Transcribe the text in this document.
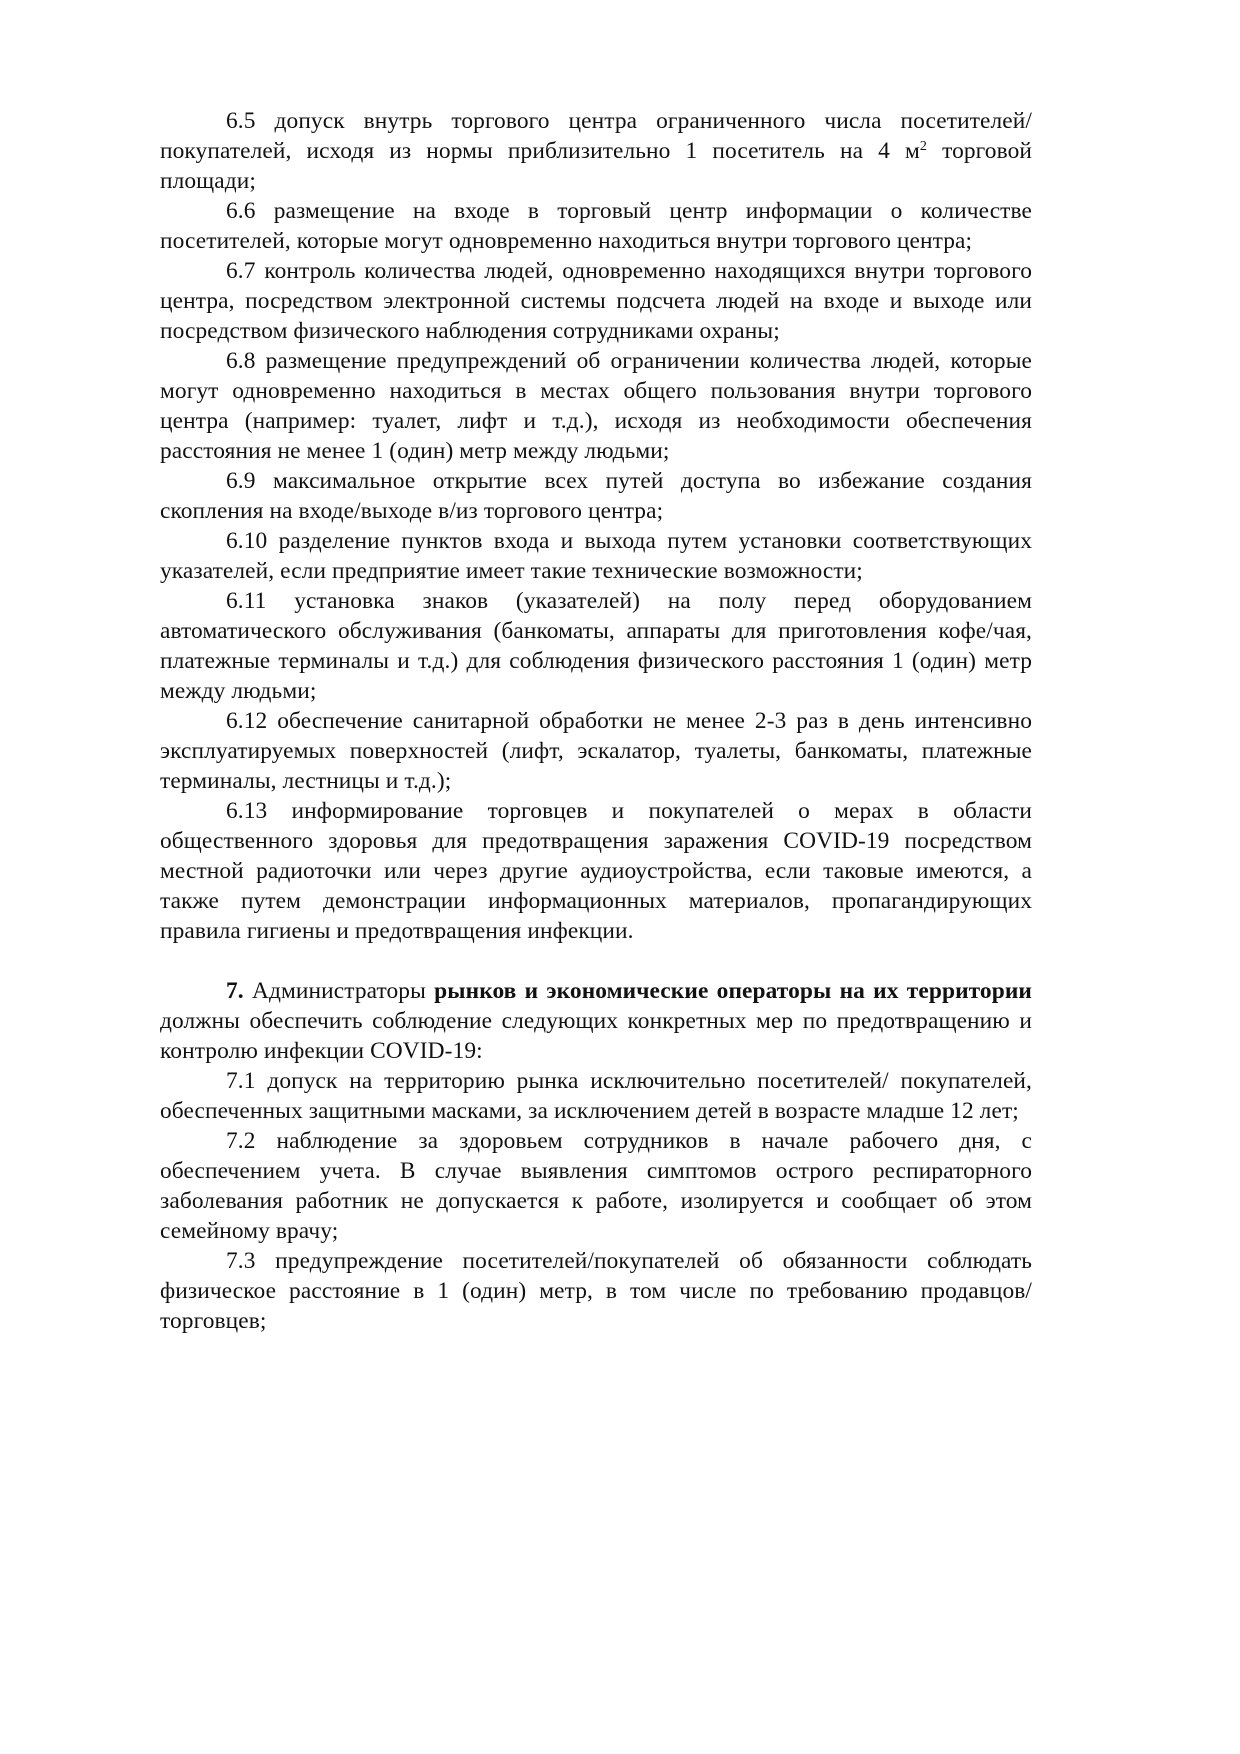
6.5 допуск внутрь торгового центра ограниченного числа посетителей/ покупателей, исходя из нормы приблизительно 1 посетитель на 4 $м^2$ торговой площади;

6.6 размещение на входе в торговый центр информации о количестве посетителей, которые могут одновременно находиться внутри торгового центра;

6.7 контроль количества людей, одновременно находящихся внутри торгового центра, посредством электронной системы подсчета людей на входе и выходе или посредством физического наблюдения сотрудниками охраны;

6.8 размещение предупреждений об ограничении количества людей, которые могут одновременно находиться в местах общего пользования внутри торгового центра (например: туалет, лифт и т.д.), исходя из необходимости обеспечения расстояния не менее 1 (один) метр между людьми;

6.9 максимальное открытие всех путей доступа во избежание создания скопления на входе/выходе в/из торгового центра;

6.10 разделение пунктов входа и выхода путем установки соответствующих указателей, если предприятие имеет такие технические возможности;

6.11 установка знаков (указателей) на полу перед оборудованием автоматического обслуживания (банкоматы, аппараты для приготовления кофе/чая, платежные терминалы и т.д.) для соблюдения физического расстояния 1 (один) метр между людьми;

6.12 обеспечение санитарной обработки не менее 2-3 раз в день интенсивно эксплуатируемых поверхностей (лифт, эскалатор, туалеты, банкоматы, платежные терминалы, лестницы и т.д.);

6.13 информирование торговцев и покупателей о мерах в области общественного здоровья для предотвращения заражения COVID-19 посредством местной радиоточки или через другие аудиоустройства, если таковые имеются, а также путем демонстрации информационных материалов, пропагандирующих правила гигиены и предотвращения инфекции.

7. Администраторы рынков и экономические операторы на их территории должны обеспечить соблюдение следующих конкретных мер по предотвращению и контролю инфекции COVID-19:

7.1 допуск на территорию рынка исключительно посетителей/ покупателей, обеспеченных защитными масками, за исключением детей в возрасте младше 12 лет;

7.2 наблюдение за здоровьем сотрудников в начале рабочего дня, с обеспечением учета. В случае выявления симптомов острого респираторного заболевания работник не допускается к работе, изолируется и сообщает об этом семейному врачу;

7.3 предупреждение посетителей/покупателей об обязанности соблюдать физическое расстояние в 1 (один) метр, в том числе по требованию продавцов/ торговцев;
